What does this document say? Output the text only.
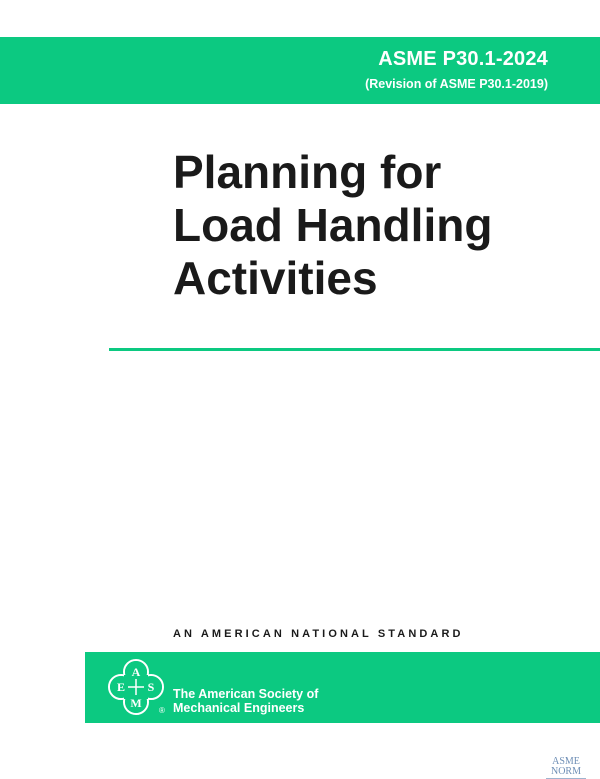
ASME P30.1-2024
(Revision of ASME P30.1-2019)
Planning for
Load Handling
Activities
AN AMERICAN NATIONAL STANDARD
A
E S
M
®
The American Society of
Mechanical Engineers
ASME NORM
